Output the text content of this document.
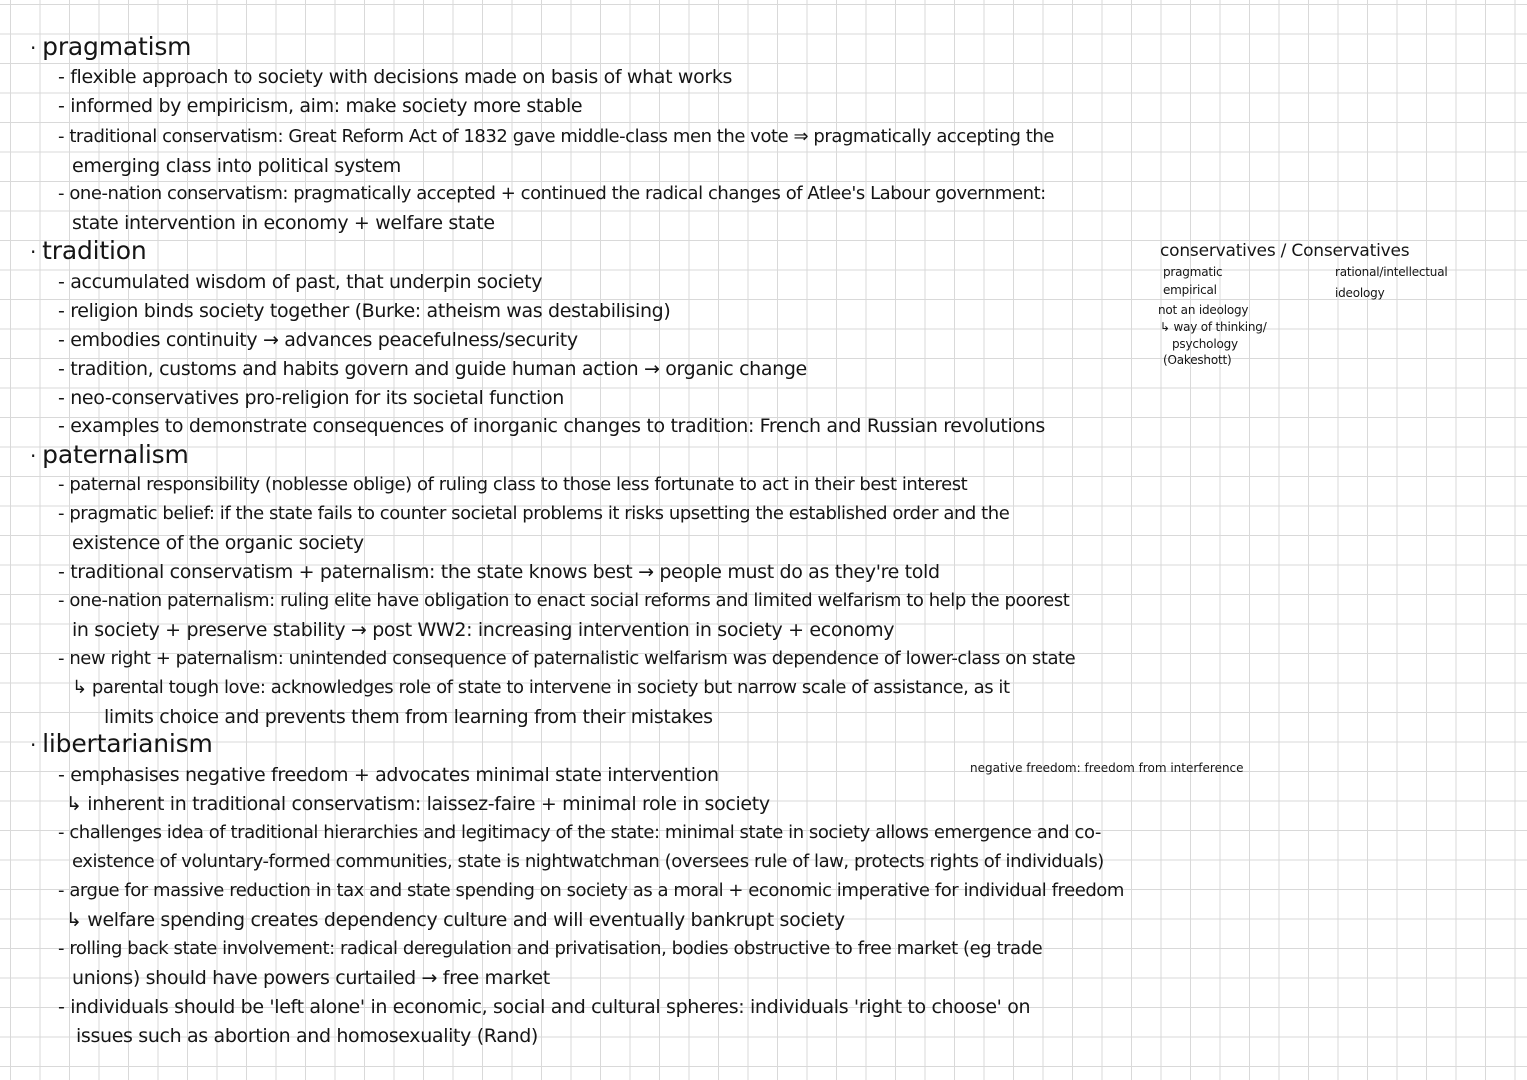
· pragmatism
- flexible approach to society with decisions made on basis of what works
- informed by empiricism, aim: make society more stable
- traditional conservatism: Great Reform Act of 1832 gave middle-class men the vote ⇒ pragmatically accepting the
emerging class into political system
- one-nation conservatism: pragmatically accepted + continued the radical changes of Atlee's Labour government:
state intervention in economy + welfare state
· tradition
- accumulated wisdom of past, that underpin society
- religion binds society together (Burke: atheism was destabilising)
- embodies continuity → advances peacefulness/security
- tradition, customs and habits govern and guide human action → organic change
- neo-conservatives pro-religion for its societal function
- examples to demonstrate consequences of inorganic changes to tradition: French and Russian revolutions
conservatives / Conservatives
pragmatic
empirical
not an ideology
↳ way of thinking/
psychology
(Oakeshott)
rational/intellectual
ideology
· paternalism
- paternal responsibility (noblesse oblige) of ruling class to those less fortunate to act in their best interest
- pragmatic belief: if the state fails to counter societal problems it risks upsetting the established order and the
existence of the organic society
- traditional conservatism + paternalism: the state knows best → people must do as they're told
- one-nation paternalism: ruling elite have obligation to enact social reforms and limited welfarism to help the poorest
in society + preserve stability → post WW2: increasing intervention in society + economy
- new right + paternalism: unintended consequence of paternalistic welfarism was dependence of lower-class on state
↳ parental tough love: acknowledges role of state to intervene in society but narrow scale of assistance, as it
limits choice and prevents them from learning from their mistakes
· libertarianism
- emphasises negative freedom + advocates minimal state intervention	negative freedom: freedom from interference
↳ inherent in traditional conservatism: laissez-faire + minimal role in society
- challenges idea of traditional hierarchies and legitimacy of the state: minimal state in society allows emergence and co-
existence of voluntary-formed communities, state is nightwatchman (oversees rule of law, protects rights of individuals)
- argue for massive reduction in tax and state spending on society as a moral + economic imperative for individual freedom
↳ welfare spending creates dependency culture and will eventually bankrupt society
- rolling back state involvement: radical deregulation and privatisation, bodies obstructive to free market (eg trade
unions) should have powers curtailed → free market
- individuals should be 'left alone' in economic, social and cultural spheres: individuals 'right to choose' on
issues such as abortion and homosexuality (Rand)
